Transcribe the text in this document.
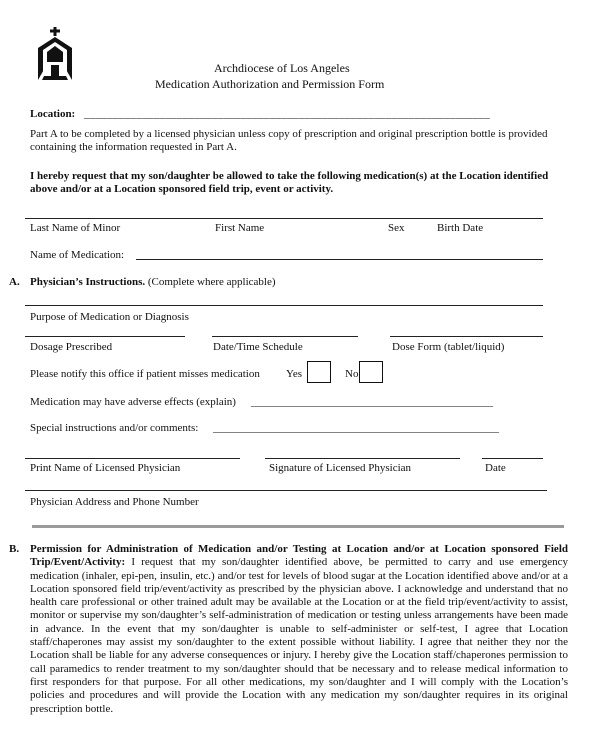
Archdiocese of Los Angeles
Medication Authorization and Permission Form
Location: ______________________________________________________________________
Part A to be completed by a licensed physician unless copy of prescription and original prescription bottle is provided containing the information requested in Part A.
I hereby request that my son/daughter be allowed to take the following medication(s) at the Location identified above and/or at a Location sponsored field trip, event or activity.
Last Name of Minor	First Name	Sex	Birth Date
Name of Medication:
A. Physician’s Instructions. (Complete where applicable)
Purpose of Medication or Diagnosis
Dosage Prescribed	Date/Time Schedule	Dose Form (tablet/liquid)
Please notify this office if patient misses medication Yes	No
Medication may have adverse effects (explain) ____________________________________________
Special instructions and/or comments: ____________________________________________________
Print Name of Licensed Physician	Signature of Licensed Physician	Date
Physician Address and Phone Number
B. Permission for Administration of Medication and/or Testing at Location and/or at Location sponsored Field Trip/Event/Activity: I request that my son/daughter identified above, be permitted to carry and use emergency medication (inhaler, epi-pen, insulin, etc.) and/or test for levels of blood sugar at the Location identified above and/or at a Location sponsored field trip/event/activity as prescribed by the physician above. I acknowledge and understand that no health care professional or other trained adult may be available at the Location or at the field trip/event/activity to assist, monitor or supervise my son/daughter’s self-administration of medication or testing unless arrangements have been made in advance. In the event that my son/daughter is unable to self-administer or self-test, I agree that Location staff/chaperones may assist my son/daughter to the extent possible without liability. I agree that neither they nor the Location shall be liable for any adverse consequences or injury. I hereby give the Location staff/chaperones permission to call paramedics to render treatment to my son/daughter should that be necessary and to release medical information to first responders for that purpose. For all other medications, my son/daughter and I will comply with the Location’s policies and procedures and will provide the Location with any medication my son/daughter requires in its original prescription bottle.
